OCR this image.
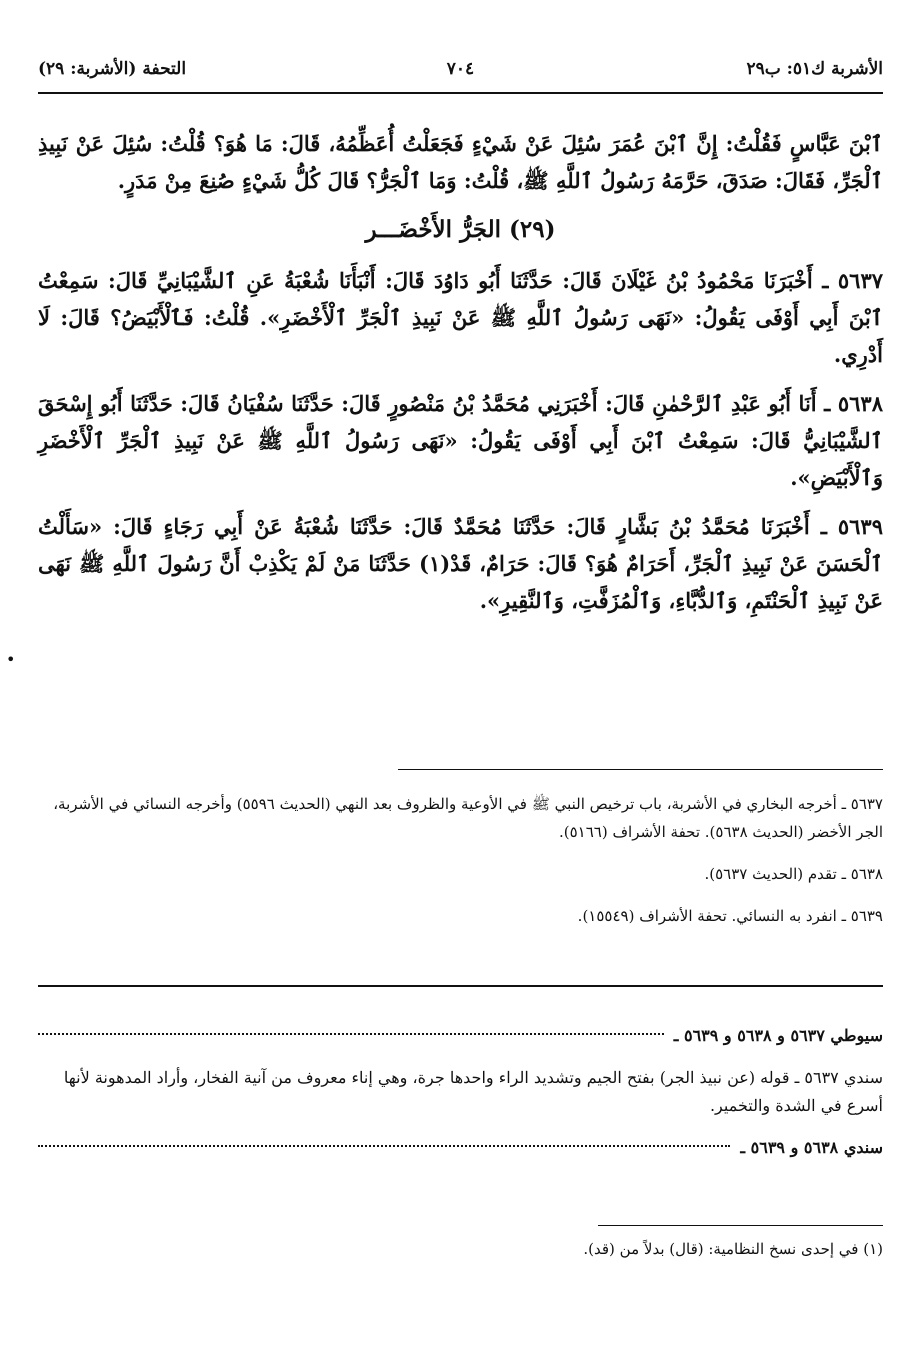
الأشربة ك٥١: ب٢٩
٧٠٤
التحفة (الأشربة: ٢٩)

ٱبْنَ عَبَّاسٍ فَقُلْتُ: إِنَّ ٱبْنَ عُمَرَ سُئِلَ عَنْ شَيْءٍ فَجَعَلْتُ أُعَظِّمُهُ، قَالَ: مَا هُوَ؟ قُلْتُ: سُئِلَ عَنْ نَبِيذِ ٱلْجَرِّ، فَقَالَ: صَدَقَ، حَرَّمَهُ رَسُولُ ٱللَّهِ ﷺ، قُلْتُ: وَمَا ٱلْجَرُّ؟ قَالَ كُلُّ شَيْءٍ صُنِعَ مِنْ مَدَرٍ.

(٢٩) الجَرُّ الأَخْضَـــر

٥٦٣٧ ـ أَخْبَرَنَا مَحْمُودُ بْنُ غَيْلَانَ قَالَ: حَدَّثَنَا أَبُو دَاوُدَ قَالَ: أَنْبَأَنَا شُعْبَةُ عَنِ ٱلشَّيْبَانِيِّ قَالَ: سَمِعْتُ ٱبْنَ أَبِي أَوْفَى يَقُولُ: «نَهَى رَسُولُ ٱللَّهِ ﷺ عَنْ نَبِيذِ ٱلْجَرِّ ٱلْأَخْضَرِ». قُلْتُ: فَٱلْأَبْيَضُ؟ قَالَ: لَا أَدْرِي.

٥٦٣٨ ـ أَنَا أَبُو عَبْدِ ٱلرَّحْمٰنِ قَالَ: أَخْبَرَنِي مُحَمَّدُ بْنُ مَنْصُورٍ قَالَ: حَدَّثَنَا سُفْيَانُ قَالَ: حَدَّثَنَا أَبُو إِسْحَقَ ٱلشَّيْبَانِيُّ قَالَ: سَمِعْتُ ٱبْنَ أَبِي أَوْفَى يَقُولُ: «نَهَى رَسُولُ ٱللَّهِ ﷺ عَنْ نَبِيذِ ٱلْجَرِّ ٱلْأَخْضَرِ وَٱلْأَبْيَضِ».

٥٦٣٩ ـ أَخْبَرَنَا مُحَمَّدُ بْنُ بَشَّارٍ قَالَ: حَدَّثَنَا مُحَمَّدٌ قَالَ: حَدَّثَنَا شُعْبَةُ عَنْ أَبِي رَجَاءٍ قَالَ: «سَأَلْتُ ٱلْحَسَنَ عَنْ نَبِيذِ ٱلْجَرِّ، أَحَرَامٌ هُوَ؟ قَالَ: حَرَامٌ، قَدْ(١) حَدَّثَنَا مَنْ لَمْ يَكْذِبْ أَنَّ رَسُولَ ٱللَّهِ ﷺ نَهَى عَنْ نَبِيذِ ٱلْحَنْتَمِ، وَٱلدُّبَّاءِ، وَٱلْمُزَفَّتِ، وَٱلنَّقِيرِ».

٥٦٣٧ ـ أخرجه البخاري في الأشربة، باب ترخيص النبي ﷺ في الأوعية والظروف بعد النهي (الحديث ٥٥٩٦) وأخرجه النسائي في الأشربة، الجر الأخضر (الحديث ٥٦٣٨). تحفة الأشراف (٥١٦٦).

٥٦٣٨ ـ تقدم (الحديث ٥٦٣٧).

٥٦٣٩ ـ انفرد به النسائي. تحفة الأشراف (١٥٥٤٩).

سيوطي ٥٦٣٧ و ٥٦٣٨ و ٥٦٣٩ ـ

سندي ٥٦٣٧ ـ قوله (عن نبيذ الجر) بفتح الجيم وتشديد الراء واحدها جرة، وهي إناء معروف من آنية الفخار، وأراد المدهونة لأنها أسرع في الشدة والتخمير.

سندي ٥٦٣٨ و ٥٦٣٩ ـ

(١) في إحدى نسخ النظامية: (قال) بدلاً من (قد).
•
